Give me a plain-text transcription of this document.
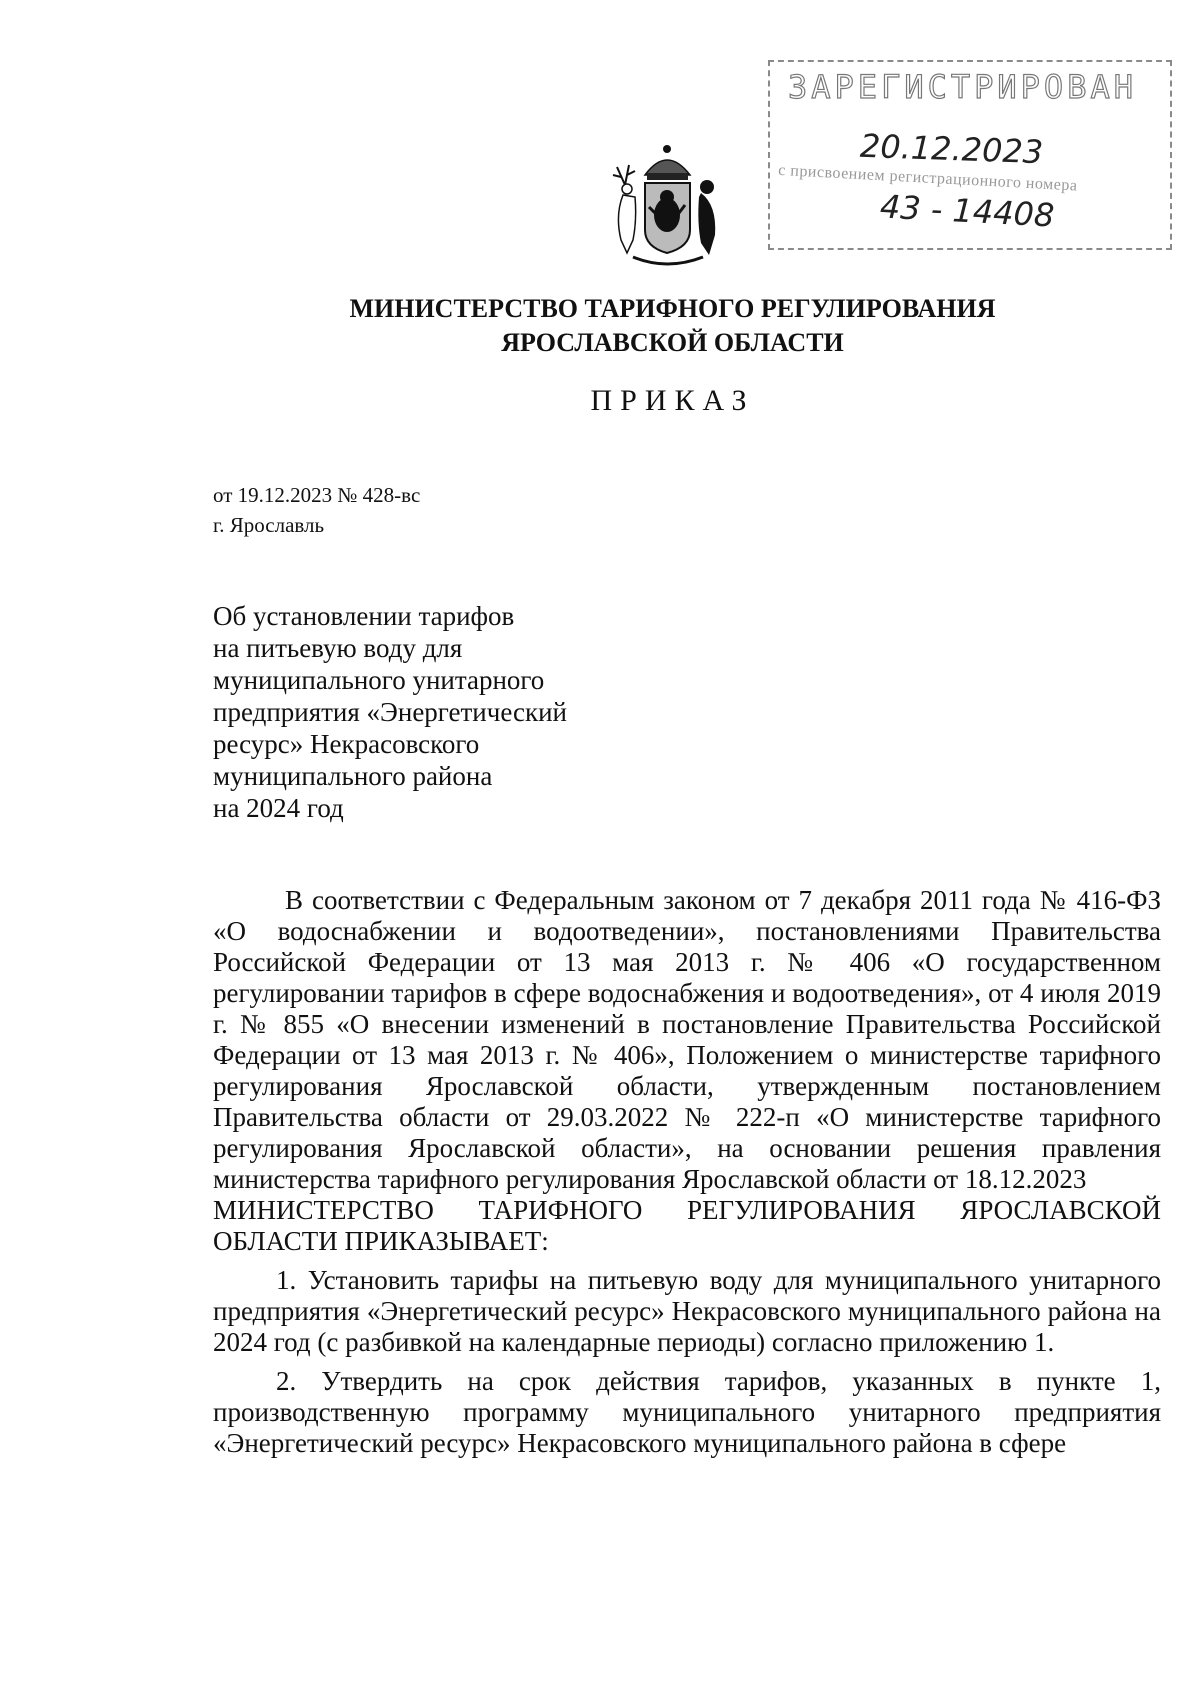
ЗАРЕГИСТРИРОВАН
20.12.2023
с присвоением регистрационного номера
43 - 14408
МИНИСТЕРСТВО ТАРИФНОГО РЕГУЛИРОВАНИЯ
ЯРОСЛАВСКОЙ ОБЛАСТИ
ПРИКАЗ
от 19.12.2023 № 428-вс
г. Ярославль
Об установлении тарифов
на питьевую воду для
муниципального унитарного
предприятия «Энергетический
ресурс» Некрасовского
муниципального района
на 2024 год

В соответствии с Федеральным законом от 7 декабря 2011 года № 416-ФЗ «О водоснабжении и водоотведении», постановлениями Правительства Российской Федерации от 13 мая 2013 г. № 406 «О государственном регулировании тарифов в сфере водоснабжения и водоотведения», от 4 июля 2019 г. № 855 «О внесении изменений в постановление Правительства Российской Федерации от 13 мая 2013 г. № 406», Положением о министерстве тарифного регулирования Ярославской области, утвержденным постановлением Правительства области от 29.03.2022 № 222-п «О министерстве тарифного регулирования Ярославской области», на основании решения правления министерства тарифного регулирования Ярославской области от 18.12.2023

МИНИСТЕРСТВО ТАРИФНОГО РЕГУЛИРОВАНИЯ ЯРОСЛАВСКОЙ ОБЛАСТИ ПРИКАЗЫВАЕТ:

1. Установить тарифы на питьевую воду для муниципального унитарного предприятия «Энергетический ресурс» Некрасовского муниципального района на 2024 год (с разбивкой на календарные периоды) согласно приложению 1.

2. Утвердить на срок действия тарифов, указанных в пункте 1, производственную программу муниципального унитарного предприятия «Энергетический ресурс» Некрасовского муниципального района в сфере
